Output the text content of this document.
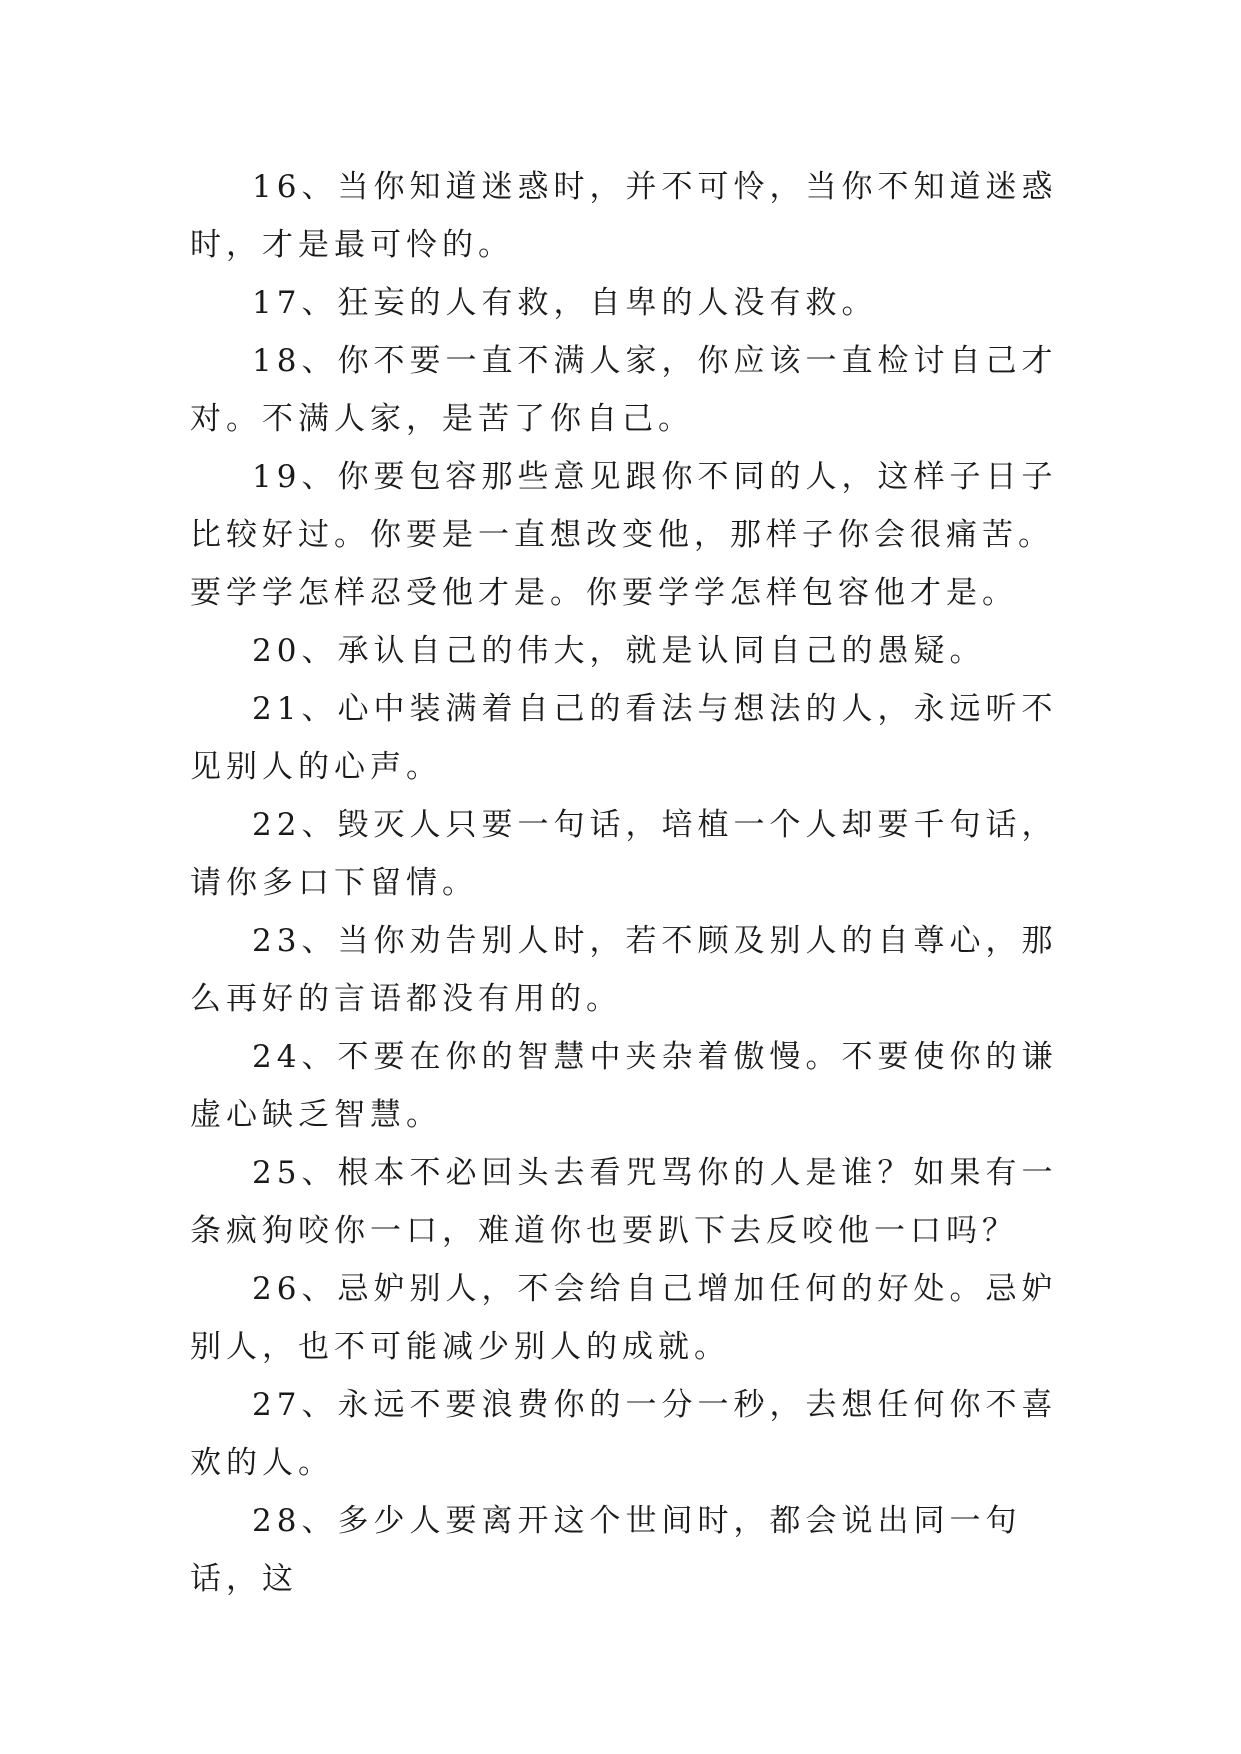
16、当你知道迷惑时，并不可怜，当你不知道迷惑时，才是最可怜的。

17、狂妄的人有救，自卑的人没有救。

18、你不要一直不满人家，你应该一直检讨自己才对。不满人家，是苦了你自己。

19、你要包容那些意见跟你不同的人，这样子日子比较好过。你要是一直想改变他，那样子你会很痛苦。要学学怎样忍受他才是。你要学学怎样包容他才是。

20、承认自己的伟大，就是认同自己的愚疑。

21、心中装满着自己的看法与想法的人，永远听不见别人的心声。

22、毁灭人只要一句话，培植一个人却要千句话，请你多口下留情。

23、当你劝告别人时，若不顾及别人的自尊心，那么再好的言语都没有用的。

24、不要在你的智慧中夹杂着傲慢。不要使你的谦虚心缺乏智慧。

25、根本不必回头去看咒骂你的人是谁？如果有一条疯狗咬你一口，难道你也要趴下去反咬他一口吗？

26、忌妒别人，不会给自己增加任何的好处。忌妒别人，也不可能减少别人的成就。

27、永远不要浪费你的一分一秒，去想任何你不喜欢的人。

28、多少人要离开这个世间时，都会说出同一句话，这
